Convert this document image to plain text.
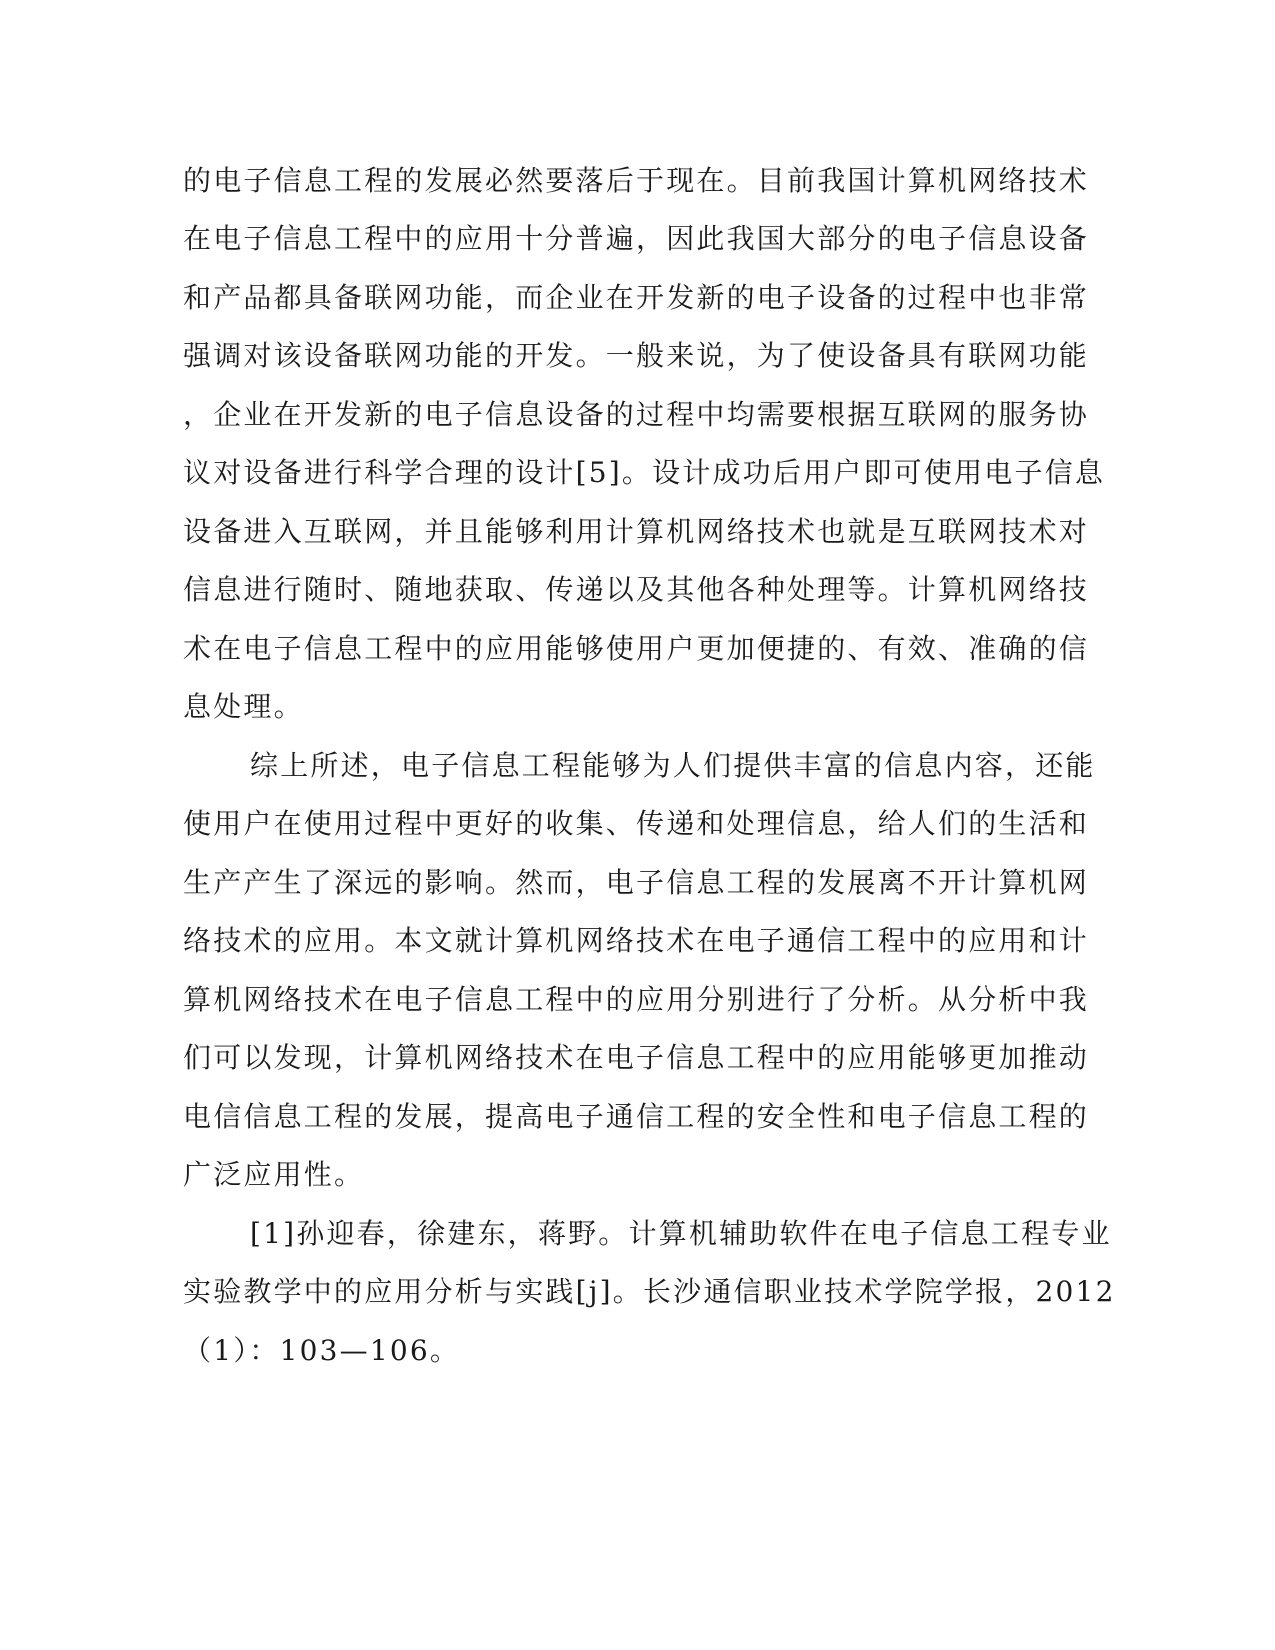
的电子信息工程的发展必然要落后于现在。目前我国计算机网络技术
在电子信息工程中的应用十分普遍，因此我国大部分的电子信息设备
和产品都具备联网功能，而企业在开发新的电子设备的过程中也非常
强调对该设备联网功能的开发。一般来说，为了使设备具有联网功能
，企业在开发新的电子信息设备的过程中均需要根据互联网的服务协
议对设备进行科学合理的设计[5]。设计成功后用户即可使用电子信息
设备进入互联网，并且能够利用计算机网络技术也就是互联网技术对
信息进行随时、随地获取、传递以及其他各种处理等。计算机网络技
术在电子信息工程中的应用能够使用户更加便捷的、有效、准确的信
息处理。
综上所述，电子信息工程能够为人们提供丰富的信息内容，还能
使用户在使用过程中更好的收集、传递和处理信息，给人们的生活和
生产产生了深远的影响。然而，电子信息工程的发展离不开计算机网
络技术的应用。本文就计算机网络技术在电子通信工程中的应用和计
算机网络技术在电子信息工程中的应用分别进行了分析。从分析中我
们可以发现，计算机网络技术在电子信息工程中的应用能够更加推动
电信信息工程的发展，提高电子通信工程的安全性和电子信息工程的
广泛应用性。
[1]孙迎春，徐建东，蒋野。计算机辅助软件在电子信息工程专业
实验教学中的应用分析与实践[j]。长沙通信职业技术学院学报，2012
（1）：103—106。
